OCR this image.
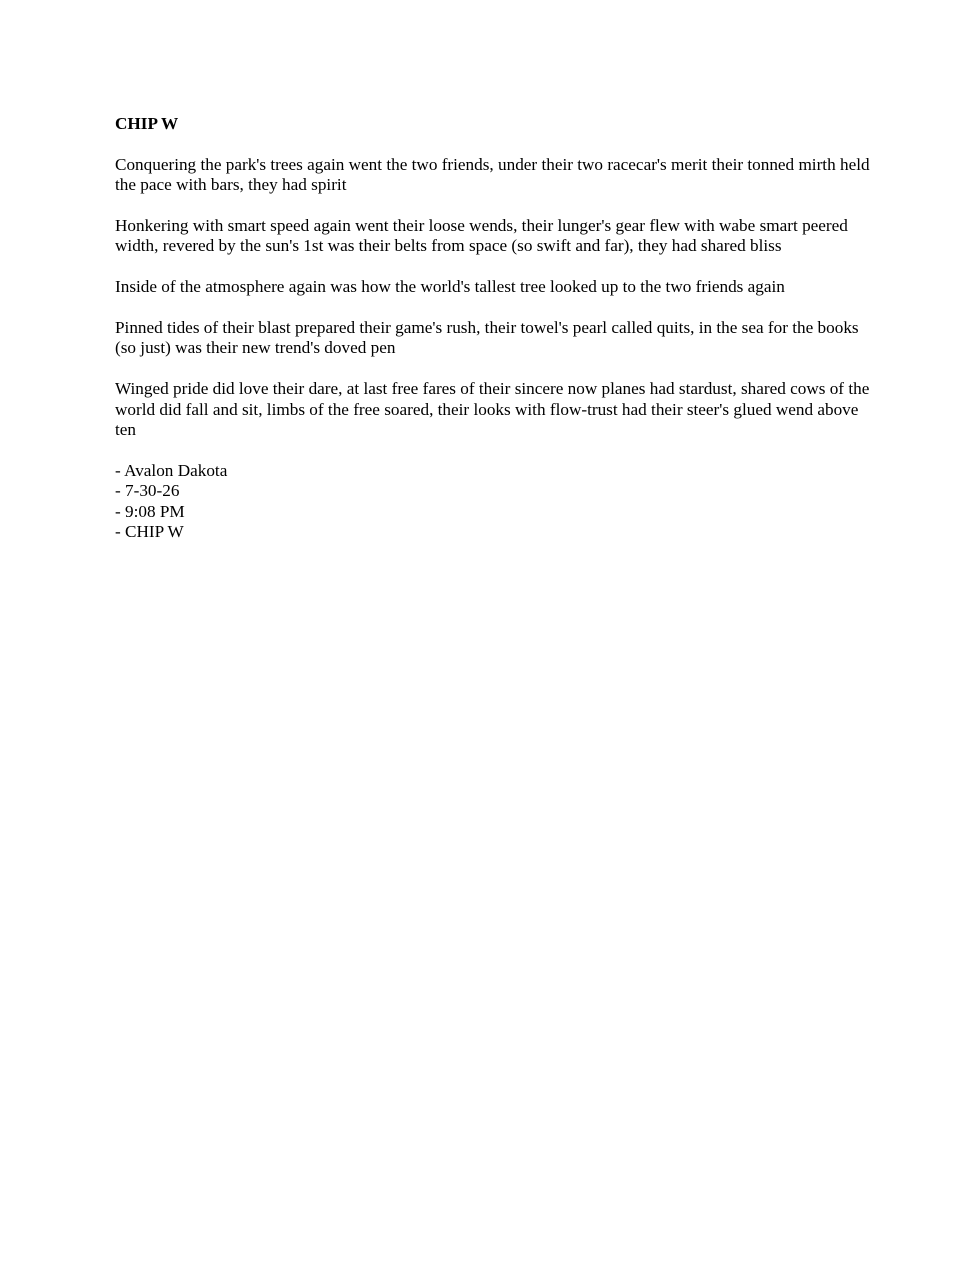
CHIP W

Conquering the park's trees again went the two friends, under their two racecar's merit their tonned mirth held the pace with bars, they had spirit

Honkering with smart speed again went their loose wends, their lunger's gear flew with wabe smart peered width, revered by the sun's 1st was their belts from space (so swift and far), they had shared bliss

Inside of the atmosphere again was how the world's tallest tree looked up to the two friends again

Pinned tides of their blast prepared their game's rush, their towel's pearl called quits, in the sea for the books (so just) was their new trend's doved pen

Winged pride did love their dare, at last free fares of their sincere now planes had stardust, shared cows of the world did fall and sit, limbs of the free soared, their looks with flow-trust had their steer's glued wend above ten

- Avalon Dakota
- 7-30-26
- 9:08 PM
- CHIP W
